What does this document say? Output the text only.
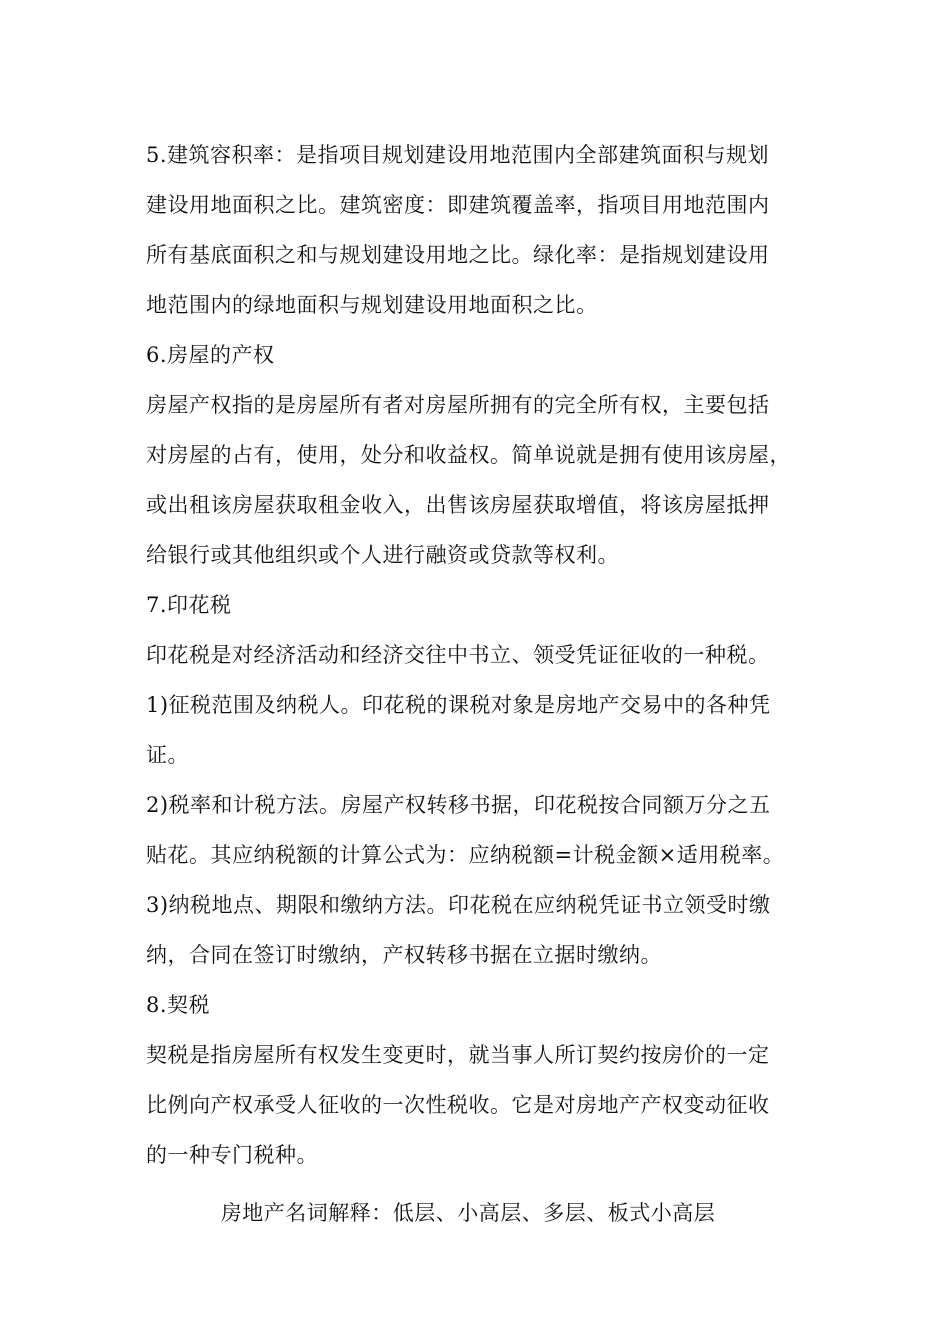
5.建筑容积率：是指项目规划建设用地范围内全部建筑面积与规划
建设用地面积之比。建筑密度：即建筑覆盖率，指项目用地范围内
所有基底面积之和与规划建设用地之比。绿化率：是指规划建设用
地范围内的绿地面积与规划建设用地面积之比。
6.房屋的产权
房屋产权指的是房屋所有者对房屋所拥有的完全所有权，主要包括
对房屋的占有，使用，处分和收益权。简单说就是拥有使用该房屋，
或出租该房屋获取租金收入，出售该房屋获取增值，将该房屋抵押
给银行或其他组织或个人进行融资或贷款等权利。
7.印花税
印花税是对经济活动和经济交往中书立、领受凭证征收的一种税。
1)征税范围及纳税人。印花税的课税对象是房地产交易中的各种凭
证。
2)税率和计税方法。房屋产权转移书据，印花税按合同额万分之五
贴花。其应纳税额的计算公式为：应纳税额=计税金额×适用税率。
3)纳税地点、期限和缴纳方法。印花税在应纳税凭证书立领受时缴
纳，合同在签订时缴纳，产权转移书据在立据时缴纳。
8.契税
契税是指房屋所有权发生变更时，就当事人所订契约按房价的一定
比例向产权承受人征收的一次性税收。它是对房地产产权变动征收
的一种专门税种。
房地产名词解释：低层、小高层、多层、板式小高层
